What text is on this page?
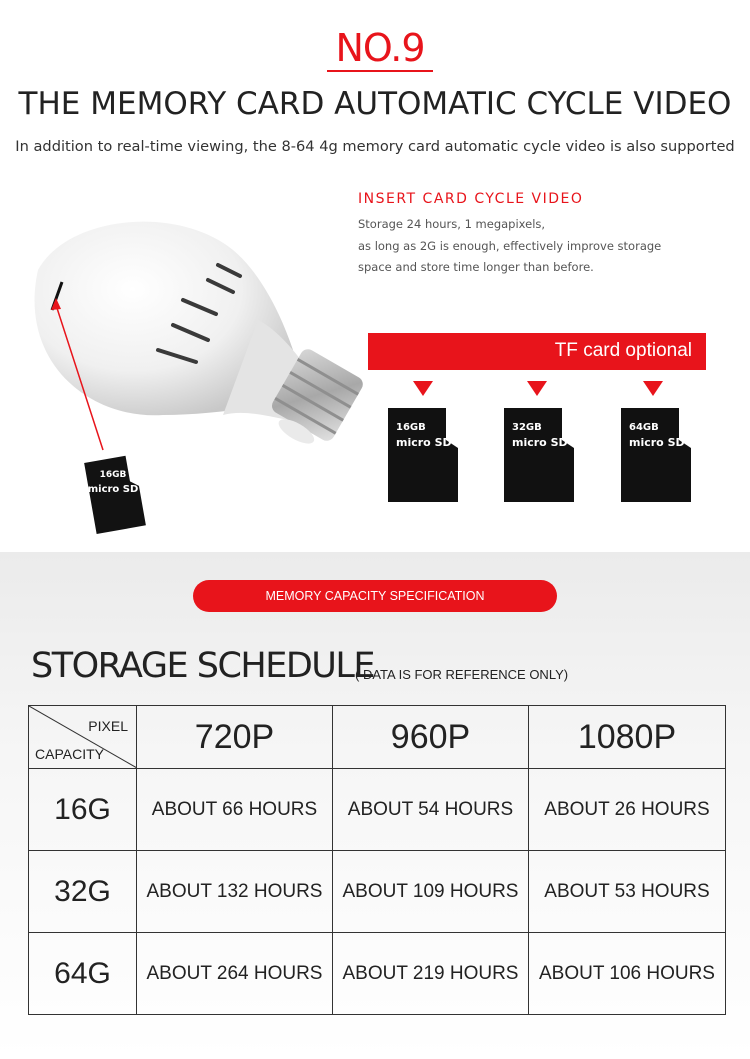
NO.9
THE MEMORY CARD AUTOMATIC CYCLE VIDEO
In addition to real-time viewing, the 8-64 4g memory card automatic cycle video is also supported
INSERT CARD CYCLE VIDEO
Storage 24 hours, 1 megapixels,
as long as 2G is enough, effectively improve storage
space and store time longer than before.
16GB
micro SD
TF card optional
16GB
micro SD
32GB
micro SD
64GB
micro SD
MEMORY CAPACITY SPECIFICATION
STORAGE SCHEDULE
( DATA IS FOR REFERENCE ONLY)
PIXEL
CAPACITY	720P	960P	1080P
16G	ABOUT 66 HOURS	ABOUT 54 HOURS	ABOUT 26 HOURS
32G	ABOUT 132 HOURS	ABOUT 109 HOURS	ABOUT 53 HOURS
64G	ABOUT 264 HOURS	ABOUT 219 HOURS	ABOUT 106 HOURS
